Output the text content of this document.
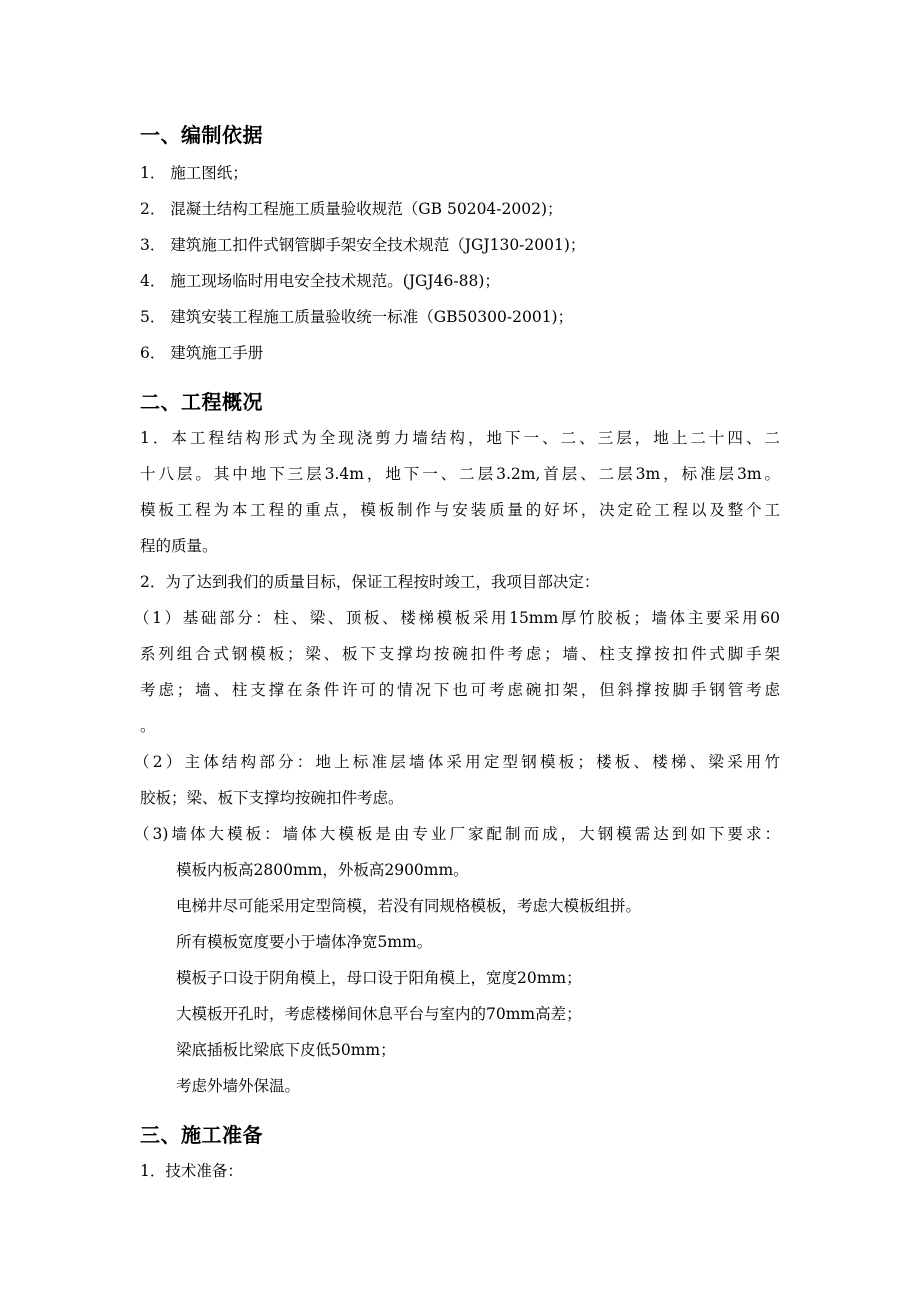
一、编制依据
1． 施工图纸；
2． 混凝土结构工程施工质量验收规范（GB 50204-2002)；
3． 建筑施工扣件式钢管脚手架安全技术规范（JGJ130-2001)；
4． 施工现场临时用电安全技术规范。(JGJ46-88)；
5． 建筑安装工程施工质量验收统一标准（GB50300-2001)；
6． 建筑施工手册
二、工程概况
1．本工程结构形式为全现浇剪力墙结构，地下一、二、三层，地上二十四、二
十八层。其中地下三层3.4m，地下一、二层3.2m,首层、二层3m，标准层3m。
模板工程为本工程的重点，模板制作与安装质量的好坏，决定砼工程以及整个工
程的质量。
2．为了达到我们的质量目标，保证工程按时竣工，我项目部决定：
（1）基础部分：柱、梁、顶板、楼梯模板采用15mm厚竹胶板；墙体主要采用60
系列组合式钢模板；梁、板下支撑均按碗扣件考虑；墙、柱支撑按扣件式脚手架
考虑；墙、柱支撑在条件许可的情况下也可考虑碗扣架，但斜撑按脚手钢管考虑
。
（2）主体结构部分：地上标准层墙体采用定型钢模板；楼板、楼梯、梁采用竹
胶板；梁、板下支撑均按碗扣件考虑。
（3)墙体大模板：墙体大模板是由专业厂家配制而成，大钢模需达到如下要求：
模板内板高2800mm，外板高2900mm。
电梯井尽可能采用定型筒模，若没有同规格模板，考虑大模板组拼。
所有模板宽度要小于墙体净宽5mm。
模板子口设于阴角模上，母口设于阳角模上，宽度20mm；
大模板开孔时，考虑楼梯间休息平台与室内的70mm高差；
梁底插板比梁底下皮低50mm；
考虑外墙外保温。
三、施工准备
1．技术准备：
